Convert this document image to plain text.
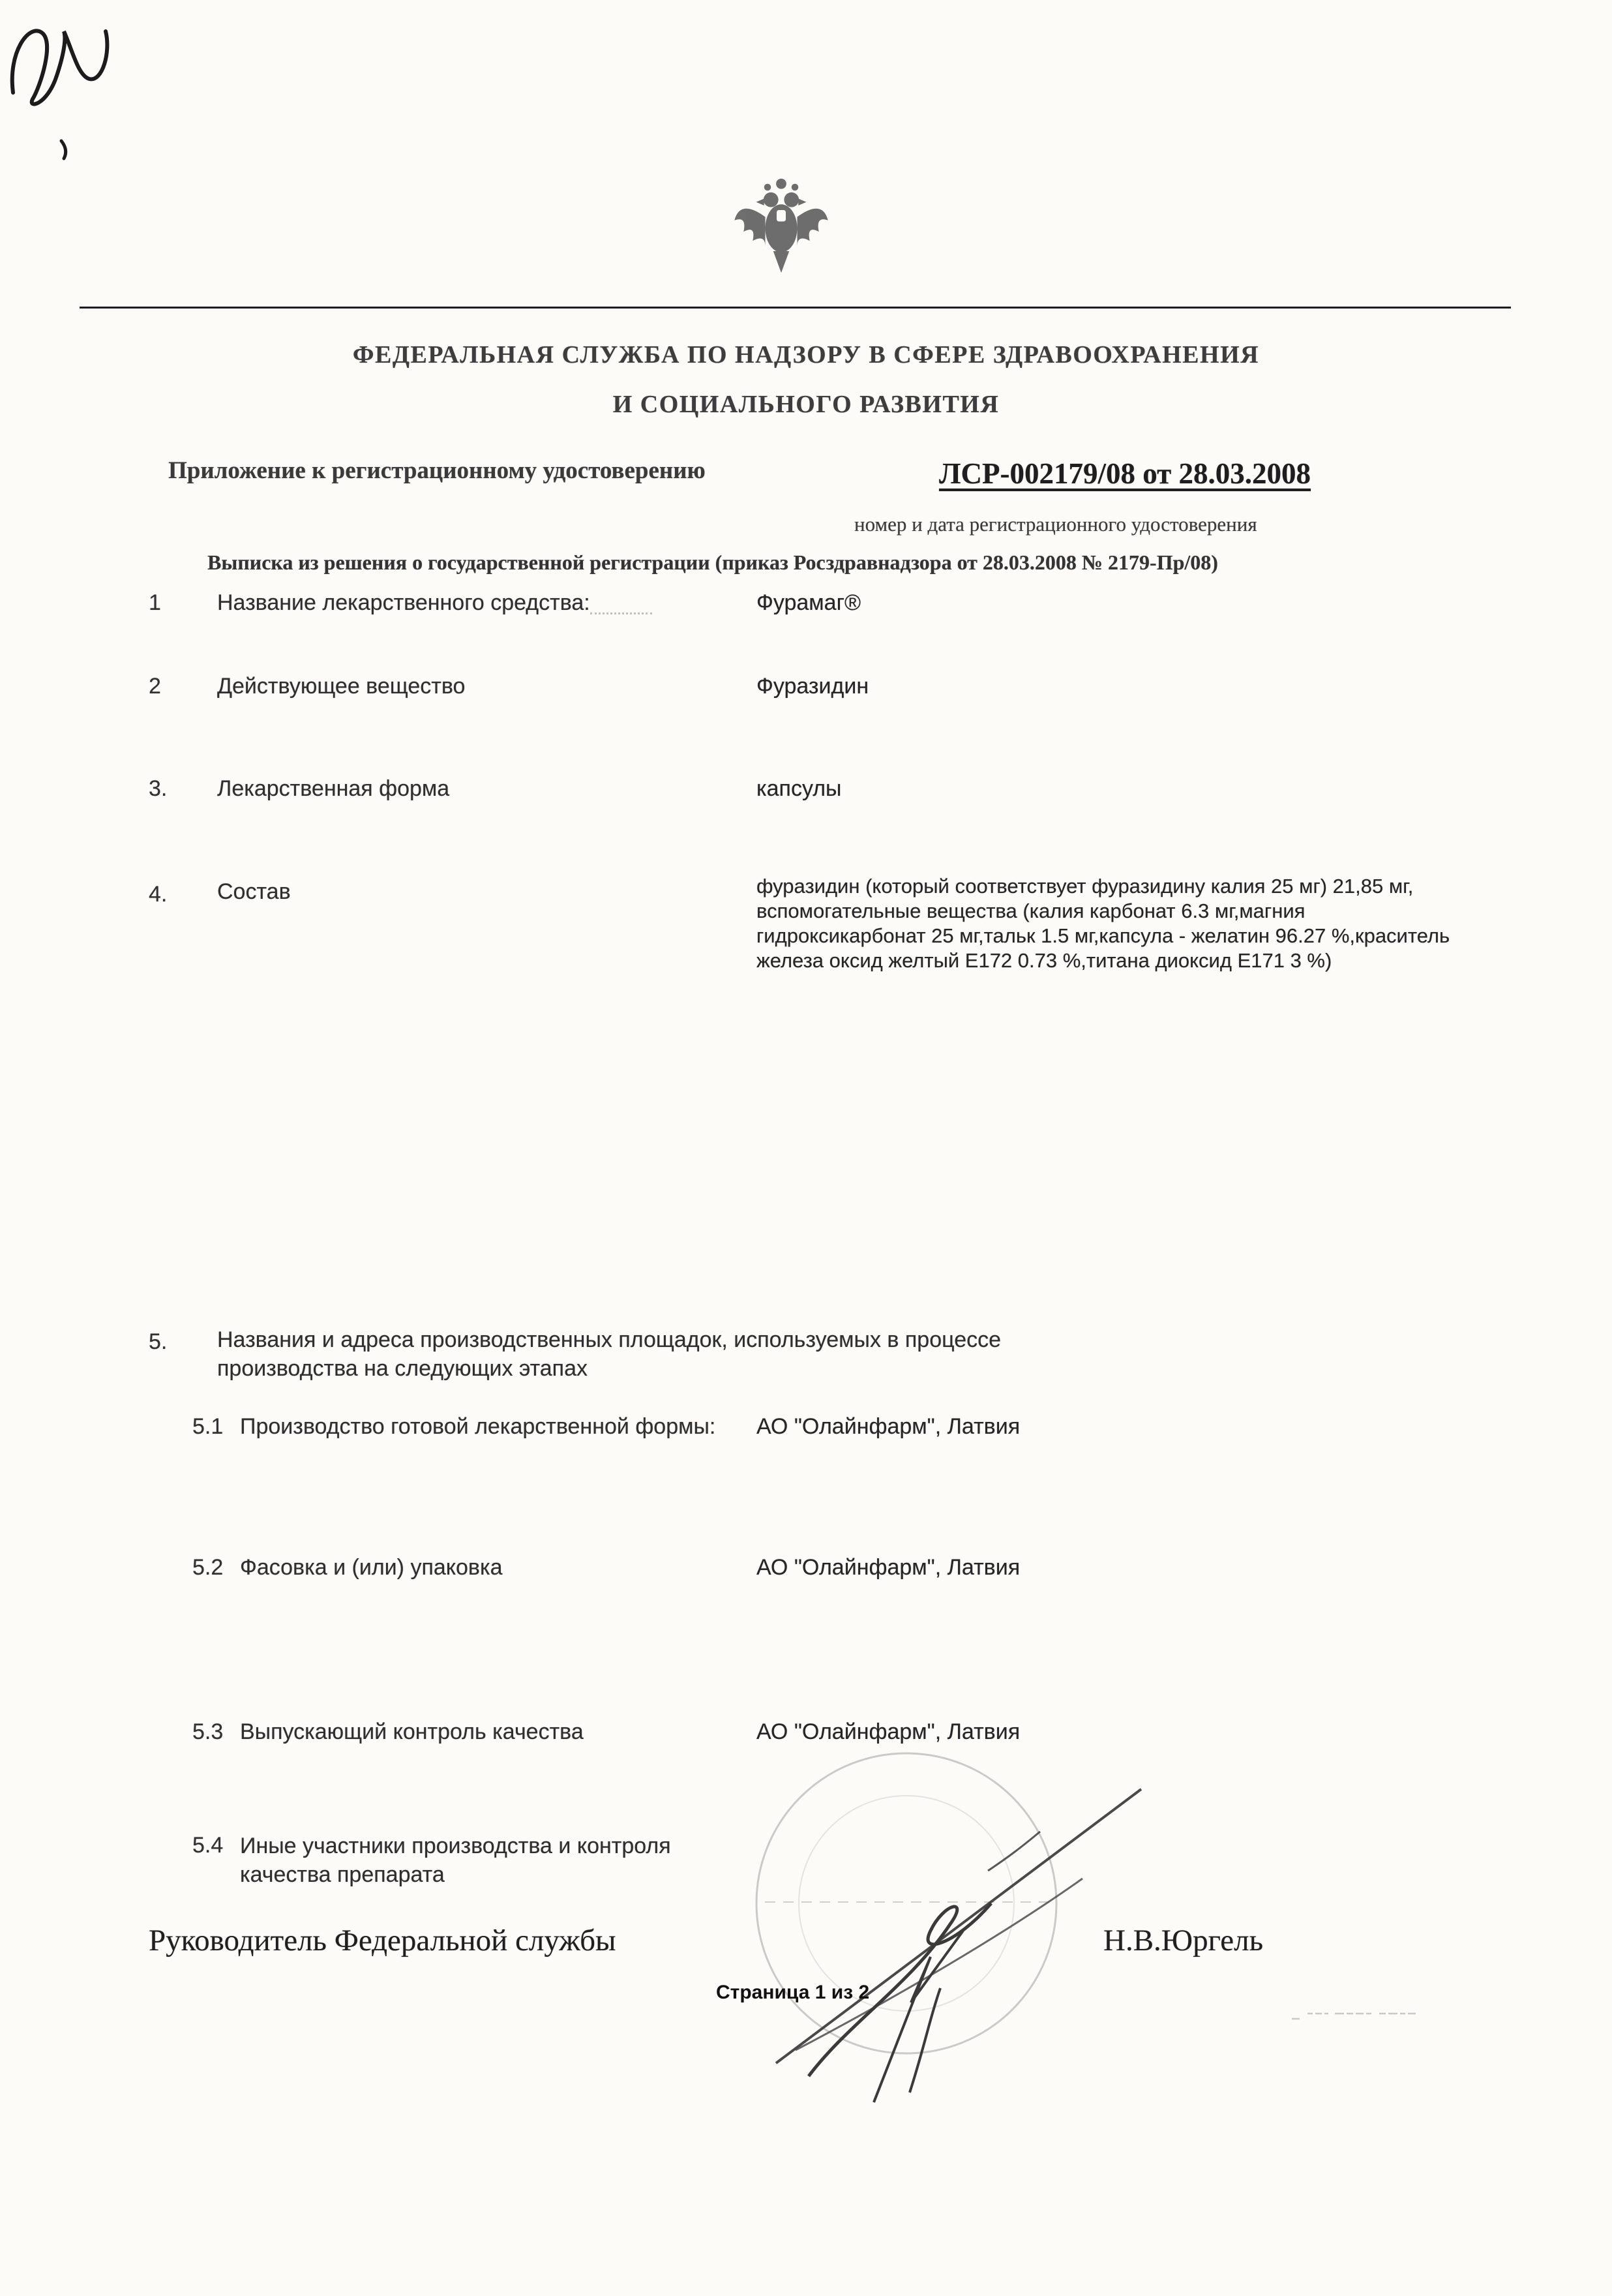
ФЕДЕРАЛЬНАЯ СЛУЖБА ПО НАДЗОРУ В СФЕРЕ ЗДРАВООХРАНЕНИЯ
И СОЦИАЛЬНОГО РАЗВИТИЯ
Приложение к регистрационному удостоверению	ЛСР-002179/08 от 28.03.2008
номер и дата регистрационного удостоверения
Выписка из решения о государственной регистрации (приказ Росздравнадзора от 28.03.2008 № 2179-Пр/08)
1	Название лекарственного средства:	Фурамаг®
2	Действующее вещество	Фуразидин
3. Лекарственная форма	капсулы
4. Состав	фуразидин (который соответствует фуразидину калия 25 мг) 21,85 мг, вспомогательные вещества (калия карбонат 6.3 мг,магния гидроксикарбонат 25 мг,тальк 1.5 мг,капсула - желатин 96.27 %,краситель железа оксид желтый Е172 0.73 %,титана диоксид Е171 3 %)
5. Названия и адреса производственных площадок, используемых в процессе производства на следующих этапах
5.1 Производство готовой лекарственной формы: АО "Олайнфарм", Латвия
5.2 Фасовка и (или) упаковка	АО "Олайнфарм", Латвия
5.3 Выпускающий контроль качества	АО "Олайнфарм", Латвия
5.4 Иные участники производства и контроля качества препарата
Руководитель Федеральной службы	Н.В.Юргель
Страница 1 из 2
